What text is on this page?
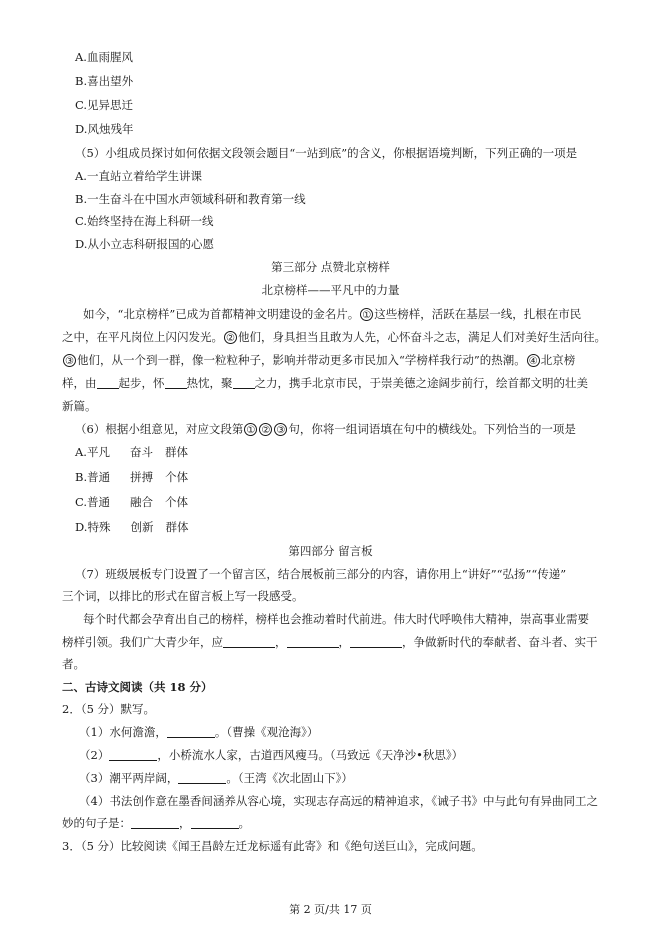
A.血雨腥风
B.喜出望外
C.见异思迁
D.风烛残年
（5）小组成员探讨如何依据文段领会题目“一站到底”的含义，你根据语境判断，下列正确的一项是
A.一直站立着给学生讲课
B.一生奋斗在中国水声领域科研和教育第一线
C.始终坚持在海上科研一线
D.从小立志科研报国的心愿
第三部分 点赞北京榜样
北京榜样——平凡中的力量
如今，“北京榜样”已成为首都精神文明建设的金名片。 ① 这些榜样，活跃在基层一线，扎根在市民
之中，在平凡岗位上闪闪发光。 ② 他们，身具担当且敢为人先，心怀奋斗之志，满足人们对美好生活向往。
③ 他们，从一个到一群，像一粒粒种子，影响并带动更多市民加入“学榜样我行动”的热潮。 ④ 北京榜
样，由 起步，怀 热忱，聚 之力，携手北京市民，于崇美德之途阔步前行，绘首都文明的壮美
新篇。
（6）根据小组意见，对应文段第 ① ② ③ 句，你将一组词语填在句中的横线处。下列恰当的一项是
A.平凡 奋斗 群体
B.普通 拼搏 个体
C.普通 融合 个体
D.特殊 创新 群体
第四部分 留言板
（7）班级展板专门设置了一个留言区，结合展板前三部分的内容，请你用上“讲好”“弘扬”“传递”
三个词，以排比的形式在留言板上写一段感受。
每个时代都会孕育出自己的榜样，榜样也会推动着时代前进。伟大时代呼唤伟大精神，崇高事业需要
榜样引领。我们广大青少年，应	，	，	，争做新时代的奉献者、奋斗者、实干
者。
二、古诗文阅读（共 18 分）
2．（5 分）默写。
（1）水何澹澹，	。（曹操《观沧海》）
（2）	，小桥流水人家，古道西风瘦马。（马致远《天净沙•秋思》）
（3）潮平两岸阔，	。（王湾《次北固山下》）
（4）书法创作意在墨香间涵养从容心境，实现志存高远的精神追求，《诫子书》中与此句有异曲同工之
妙的句子是：	，	。
3．（5 分）比较阅读《闻王昌龄左迁龙标遥有此寄》和《绝句送巨山》，完成问题。
第 2 页/共 17 页
